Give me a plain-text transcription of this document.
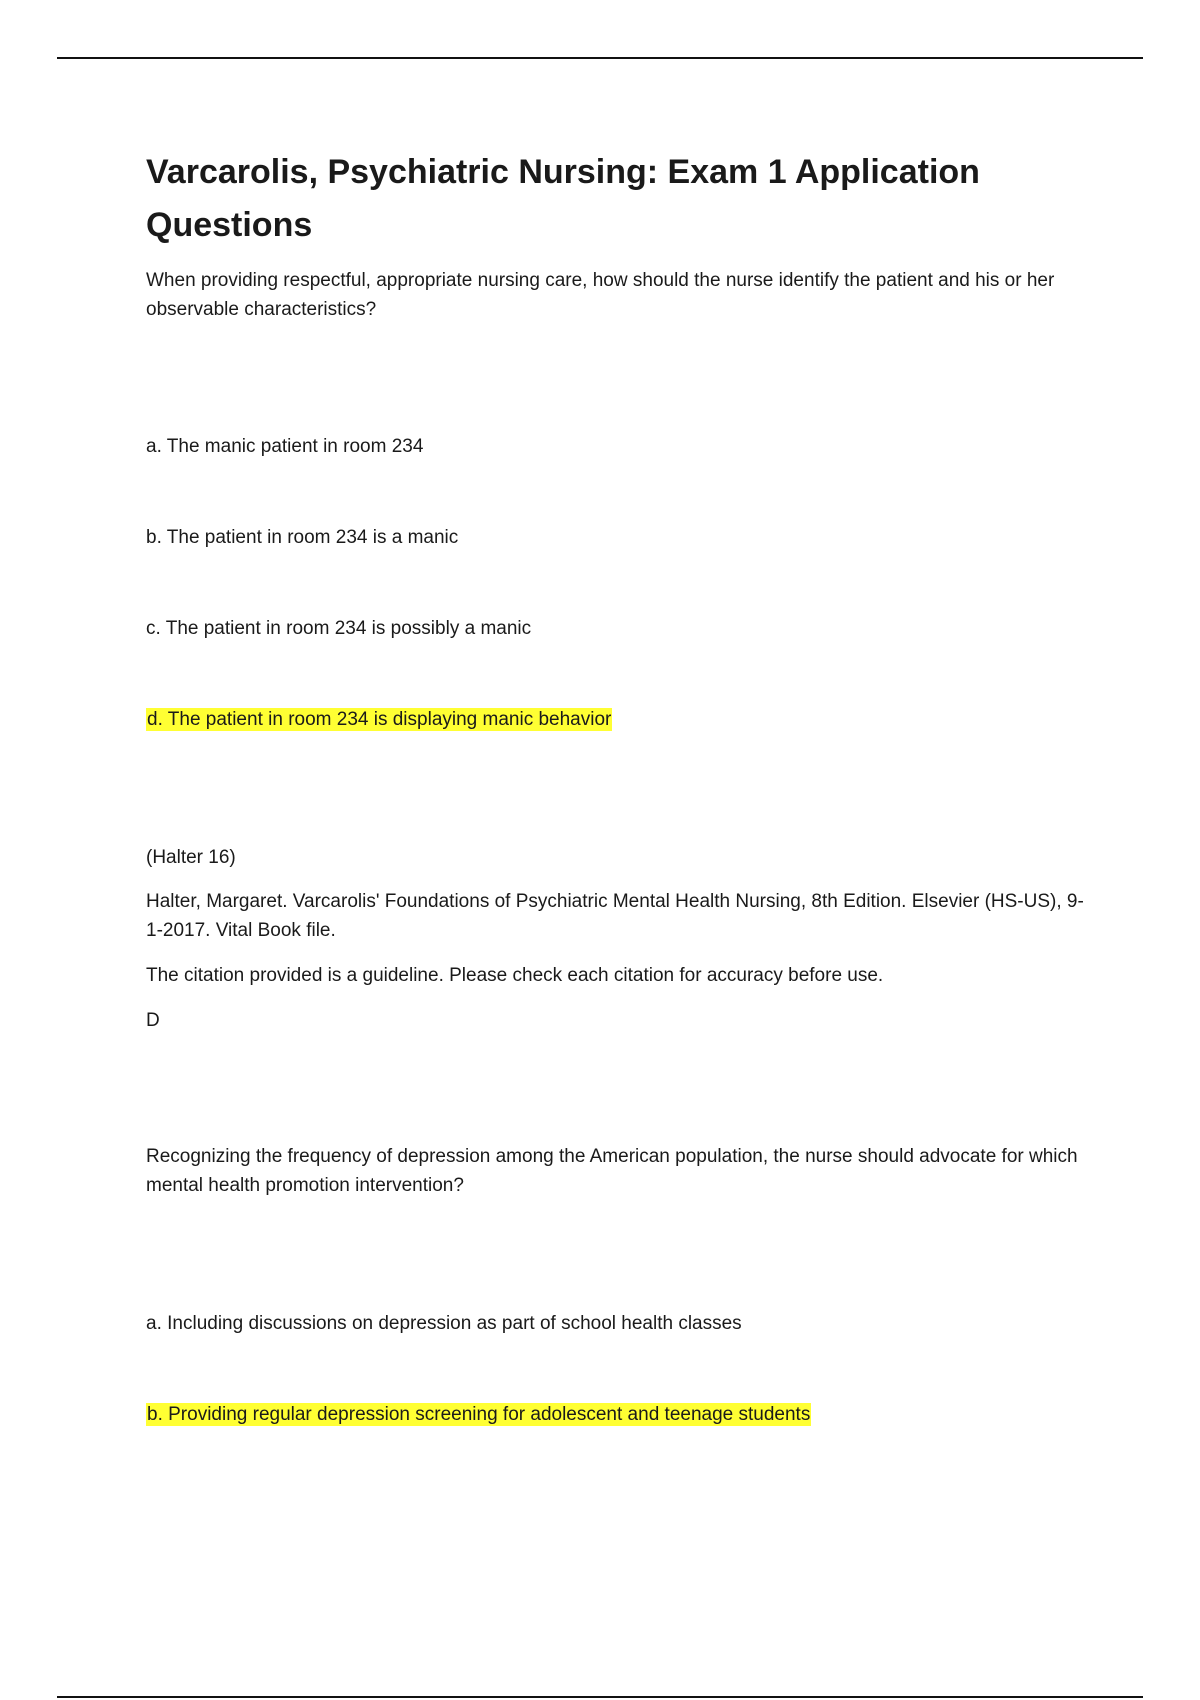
Varcarolis, Psychiatric Nursing: Exam 1 Application Questions

When providing respectful, appropriate nursing care, how should the nurse identify the patient and his or her observable characteristics?

a. The manic patient in room 234

b. The patient in room 234 is a manic

c. The patient in room 234 is possibly a manic

d. The patient in room 234 is displaying manic behavior

(Halter 16)

Halter, Margaret. Varcarolis' Foundations of Psychiatric Mental Health Nursing, 8th Edition. Elsevier (HS-US), 9-1-2017. Vital Book file.

The citation provided is a guideline. Please check each citation for accuracy before use.

D

Recognizing the frequency of depression among the American population, the nurse should advocate for which mental health promotion intervention?

a. Including discussions on depression as part of school health classes

b. Providing regular depression screening for adolescent and teenage students
